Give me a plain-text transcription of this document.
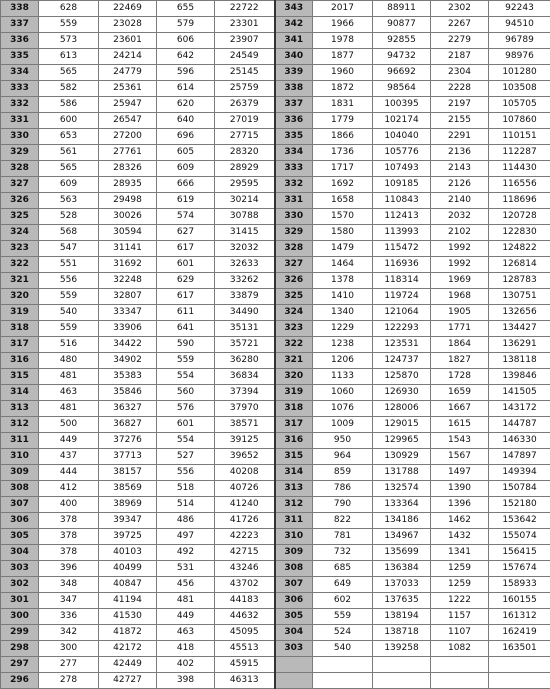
338	628	22469	655	22722	343	2017	88911	2302	92243
337	559	23028	579	23301	342	1966	90877	2267	94510
336	573	23601	606	23907	341	1978	92855	2279	96789
335	613	24214	642	24549	340	1877	94732	2187	98976
334	565	24779	596	25145	339	1960	96692	2304	101280
333	582	25361	614	25759	338	1872	98564	2228	103508
332	586	25947	620	26379	337	1831	100395	2197	105705
331	600	26547	640	27019	336	1779	102174	2155	107860
330	653	27200	696	27715	335	1866	104040	2291	110151
329	561	27761	605	28320	334	1736	105776	2136	112287
328	565	28326	609	28929	333	1717	107493	2143	114430
327	609	28935	666	29595	332	1692	109185	2126	116556
326	563	29498	619	30214	331	1658	110843	2140	118696
325	528	30026	574	30788	330	1570	112413	2032	120728
324	568	30594	627	31415	329	1580	113993	2102	122830
323	547	31141	617	32032	328	1479	115472	1992	124822
322	551	31692	601	32633	327	1464	116936	1992	126814
321	556	32248	629	33262	326	1378	118314	1969	128783
320	559	32807	617	33879	325	1410	119724	1968	130751
319	540	33347	611	34490	324	1340	121064	1905	132656
318	559	33906	641	35131	323	1229	122293	1771	134427
317	516	34422	590	35721	322	1238	123531	1864	136291
316	480	34902	559	36280	321	1206	124737	1827	138118
315	481	35383	554	36834	320	1133	125870	1728	139846
314	463	35846	560	37394	319	1060	126930	1659	141505
313	481	36327	576	37970	318	1076	128006	1667	143172
312	500	36827	601	38571	317	1009	129015	1615	144787
311	449	37276	554	39125	316	950	129965	1543	146330
310	437	37713	527	39652	315	964	130929	1567	147897
309	444	38157	556	40208	314	859	131788	1497	149394
308	412	38569	518	40726	313	786	132574	1390	150784
307	400	38969	514	41240	312	790	133364	1396	152180
306	378	39347	486	41726	311	822	134186	1462	153642
305	378	39725	497	42223	310	781	134967	1432	155074
304	378	40103	492	42715	309	732	135699	1341	156415
303	396	40499	531	43246	308	685	136384	1259	157674
302	348	40847	456	43702	307	649	137033	1259	158933
301	347	41194	481	44183	306	602	137635	1222	160155
300	336	41530	449	44632	305	559	138194	1157	161312
299	342	41872	463	45095	304	524	138718	1107	162419
298	300	42172	418	45513	303	540	139258	1082	163501
297	277	42449	402	45915					
296	278	42727	398	46313					
